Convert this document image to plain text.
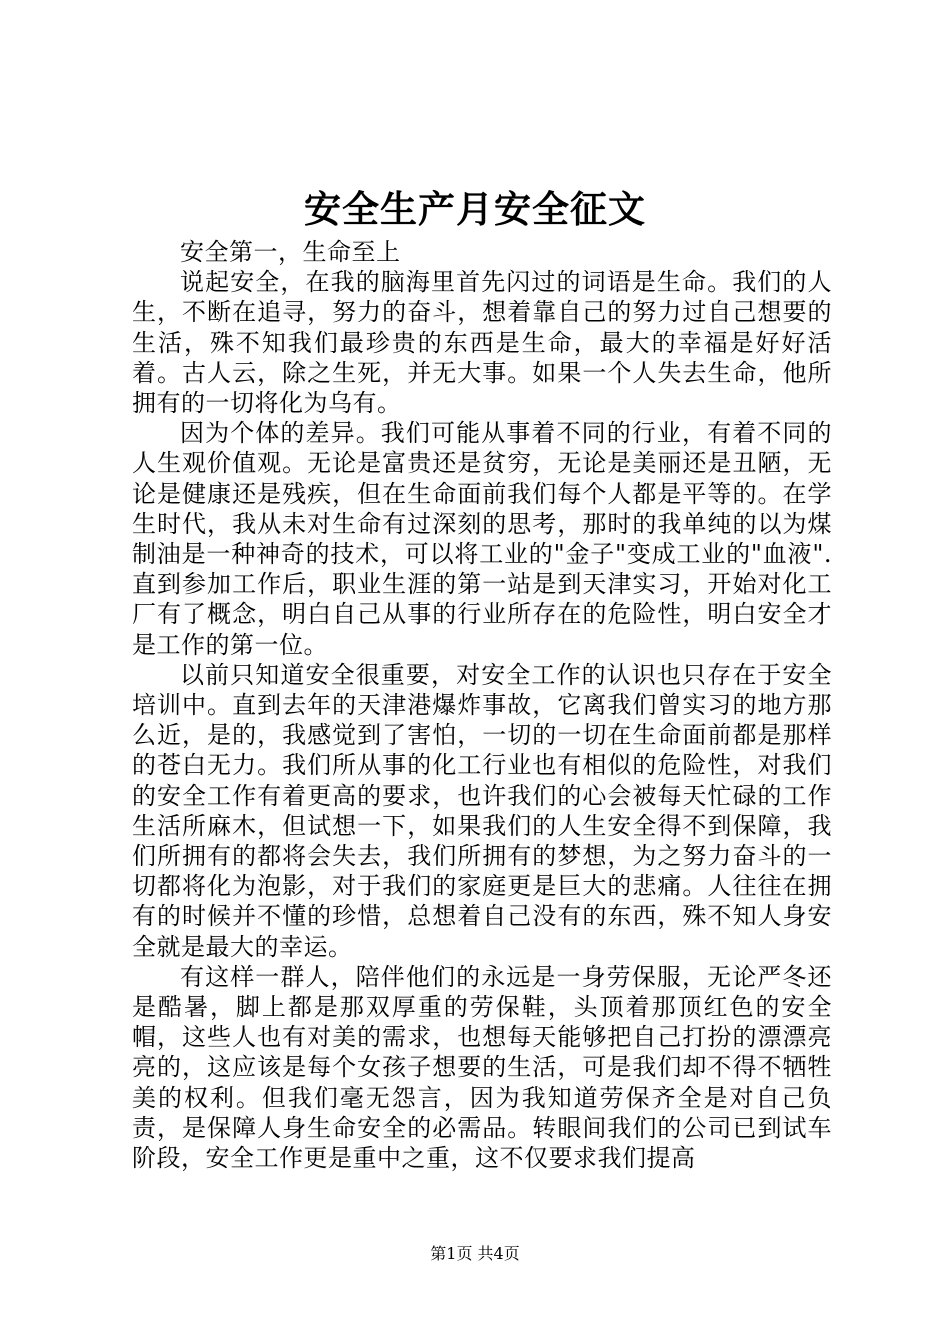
安全生产月安全征文

安全第一，生命至上

说起安全，在我的脑海里首先闪过的词语是生命。我们的人生，不断在追寻，努力的奋斗，想着靠自己的努力过自己想要的生活，殊不知我们最珍贵的东西是生命，最大的幸福是好好活着。古人云，除之生死，并无大事。如果一个人失去生命，他所拥有的一切将化为乌有。

因为个体的差异。我们可能从事着不同的行业，有着不同的人生观价值观。无论是富贵还是贫穷，无论是美丽还是丑陋，无论是健康还是残疾，但在生命面前我们每个人都是平等的。在学生时代，我从未对生命有过深刻的思考，那时的我单纯的以为煤制油是一种神奇的技术，可以将工业的"金子"变成工业的"血液".直到参加工作后，职业生涯的第一站是到天津实习，开始对化工厂有了概念，明白自己从事的行业所存在的危险性，明白安全才是工作的第一位。

以前只知道安全很重要，对安全工作的认识也只存在于安全培训中。直到去年的天津港爆炸事故，它离我们曾实习的地方那么近，是的，我感觉到了害怕，一切的一切在生命面前都是那样的苍白无力。我们所从事的化工行业也有相似的危险性，对我们的安全工作有着更高的要求，也许我们的心会被每天忙碌的工作生活所麻木，但试想一下，如果我们的人生安全得不到保障，我们所拥有的都将会失去，我们所拥有的梦想，为之努力奋斗的一切都将化为泡影，对于我们的家庭更是巨大的悲痛。人往往在拥有的时候并不懂的珍惜，总想着自己没有的东西，殊不知人身安全就是最大的幸运。

有这样一群人，陪伴他们的永远是一身劳保服，无论严冬还是酷暑，脚上都是那双厚重的劳保鞋，头顶着那顶红色的安全帽，这些人也有对美的需求，也想每天能够把自己打扮的漂漂亮亮的，这应该是每个女孩子想要的生活，可是我们却不得不牺牲美的权利。但我们毫无怨言，因为我知道劳保齐全是对自己负责，是保障人身生命安全的必需品。转眼间我们的公司已到试车阶段，安全工作更是重中之重，这不仅要求我们提高

第1页 共4页
